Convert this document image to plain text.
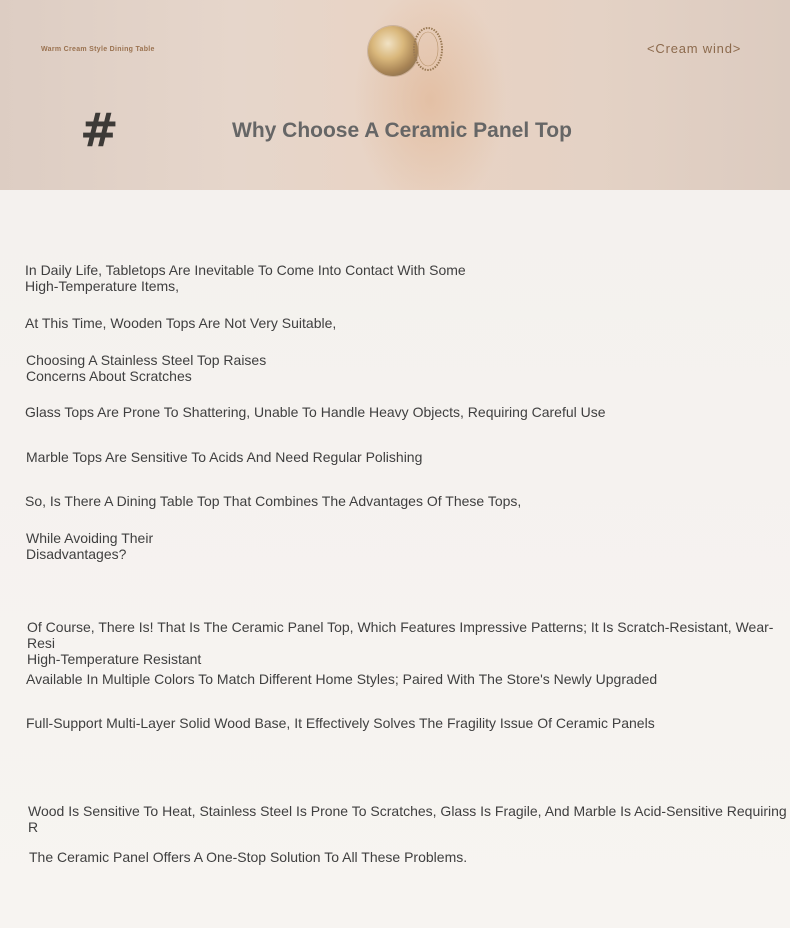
Warm Cream Style Dining Table	<Cream wind>
#	Why Choose A Ceramic Panel Top

In Daily Life, Tabletops Are Inevitable To Come Into Contact With Some
High-Temperature Items,

At This Time, Wooden Tops Are Not Very Suitable,

Choosing A Stainless Steel Top Raises
Concerns About Scratches

Glass Tops Are Prone To Shattering, Unable To Handle Heavy Objects, Requiring Careful Use

Marble Tops Are Sensitive To Acids And Need Regular Polishing

So, Is There A Dining Table Top That Combines The Advantages Of These Tops,

While Avoiding Their
Disadvantages?

Of Course, There Is! That Is The Ceramic Panel Top, Which Features Impressive Patterns; It Is Scratch-Resistant, Wear-Resi
High-Temperature Resistant

Available In Multiple Colors To Match Different Home Styles; Paired With The Store's Newly Upgraded

Full-Support Multi-Layer Solid Wood Base, It Effectively Solves The Fragility Issue Of Ceramic Panels

Wood Is Sensitive To Heat, Stainless Steel Is Prone To Scratches, Glass Is Fragile, And Marble Is Acid-Sensitive Requiring R

The Ceramic Panel Offers A One-Stop Solution To All These Problems.
